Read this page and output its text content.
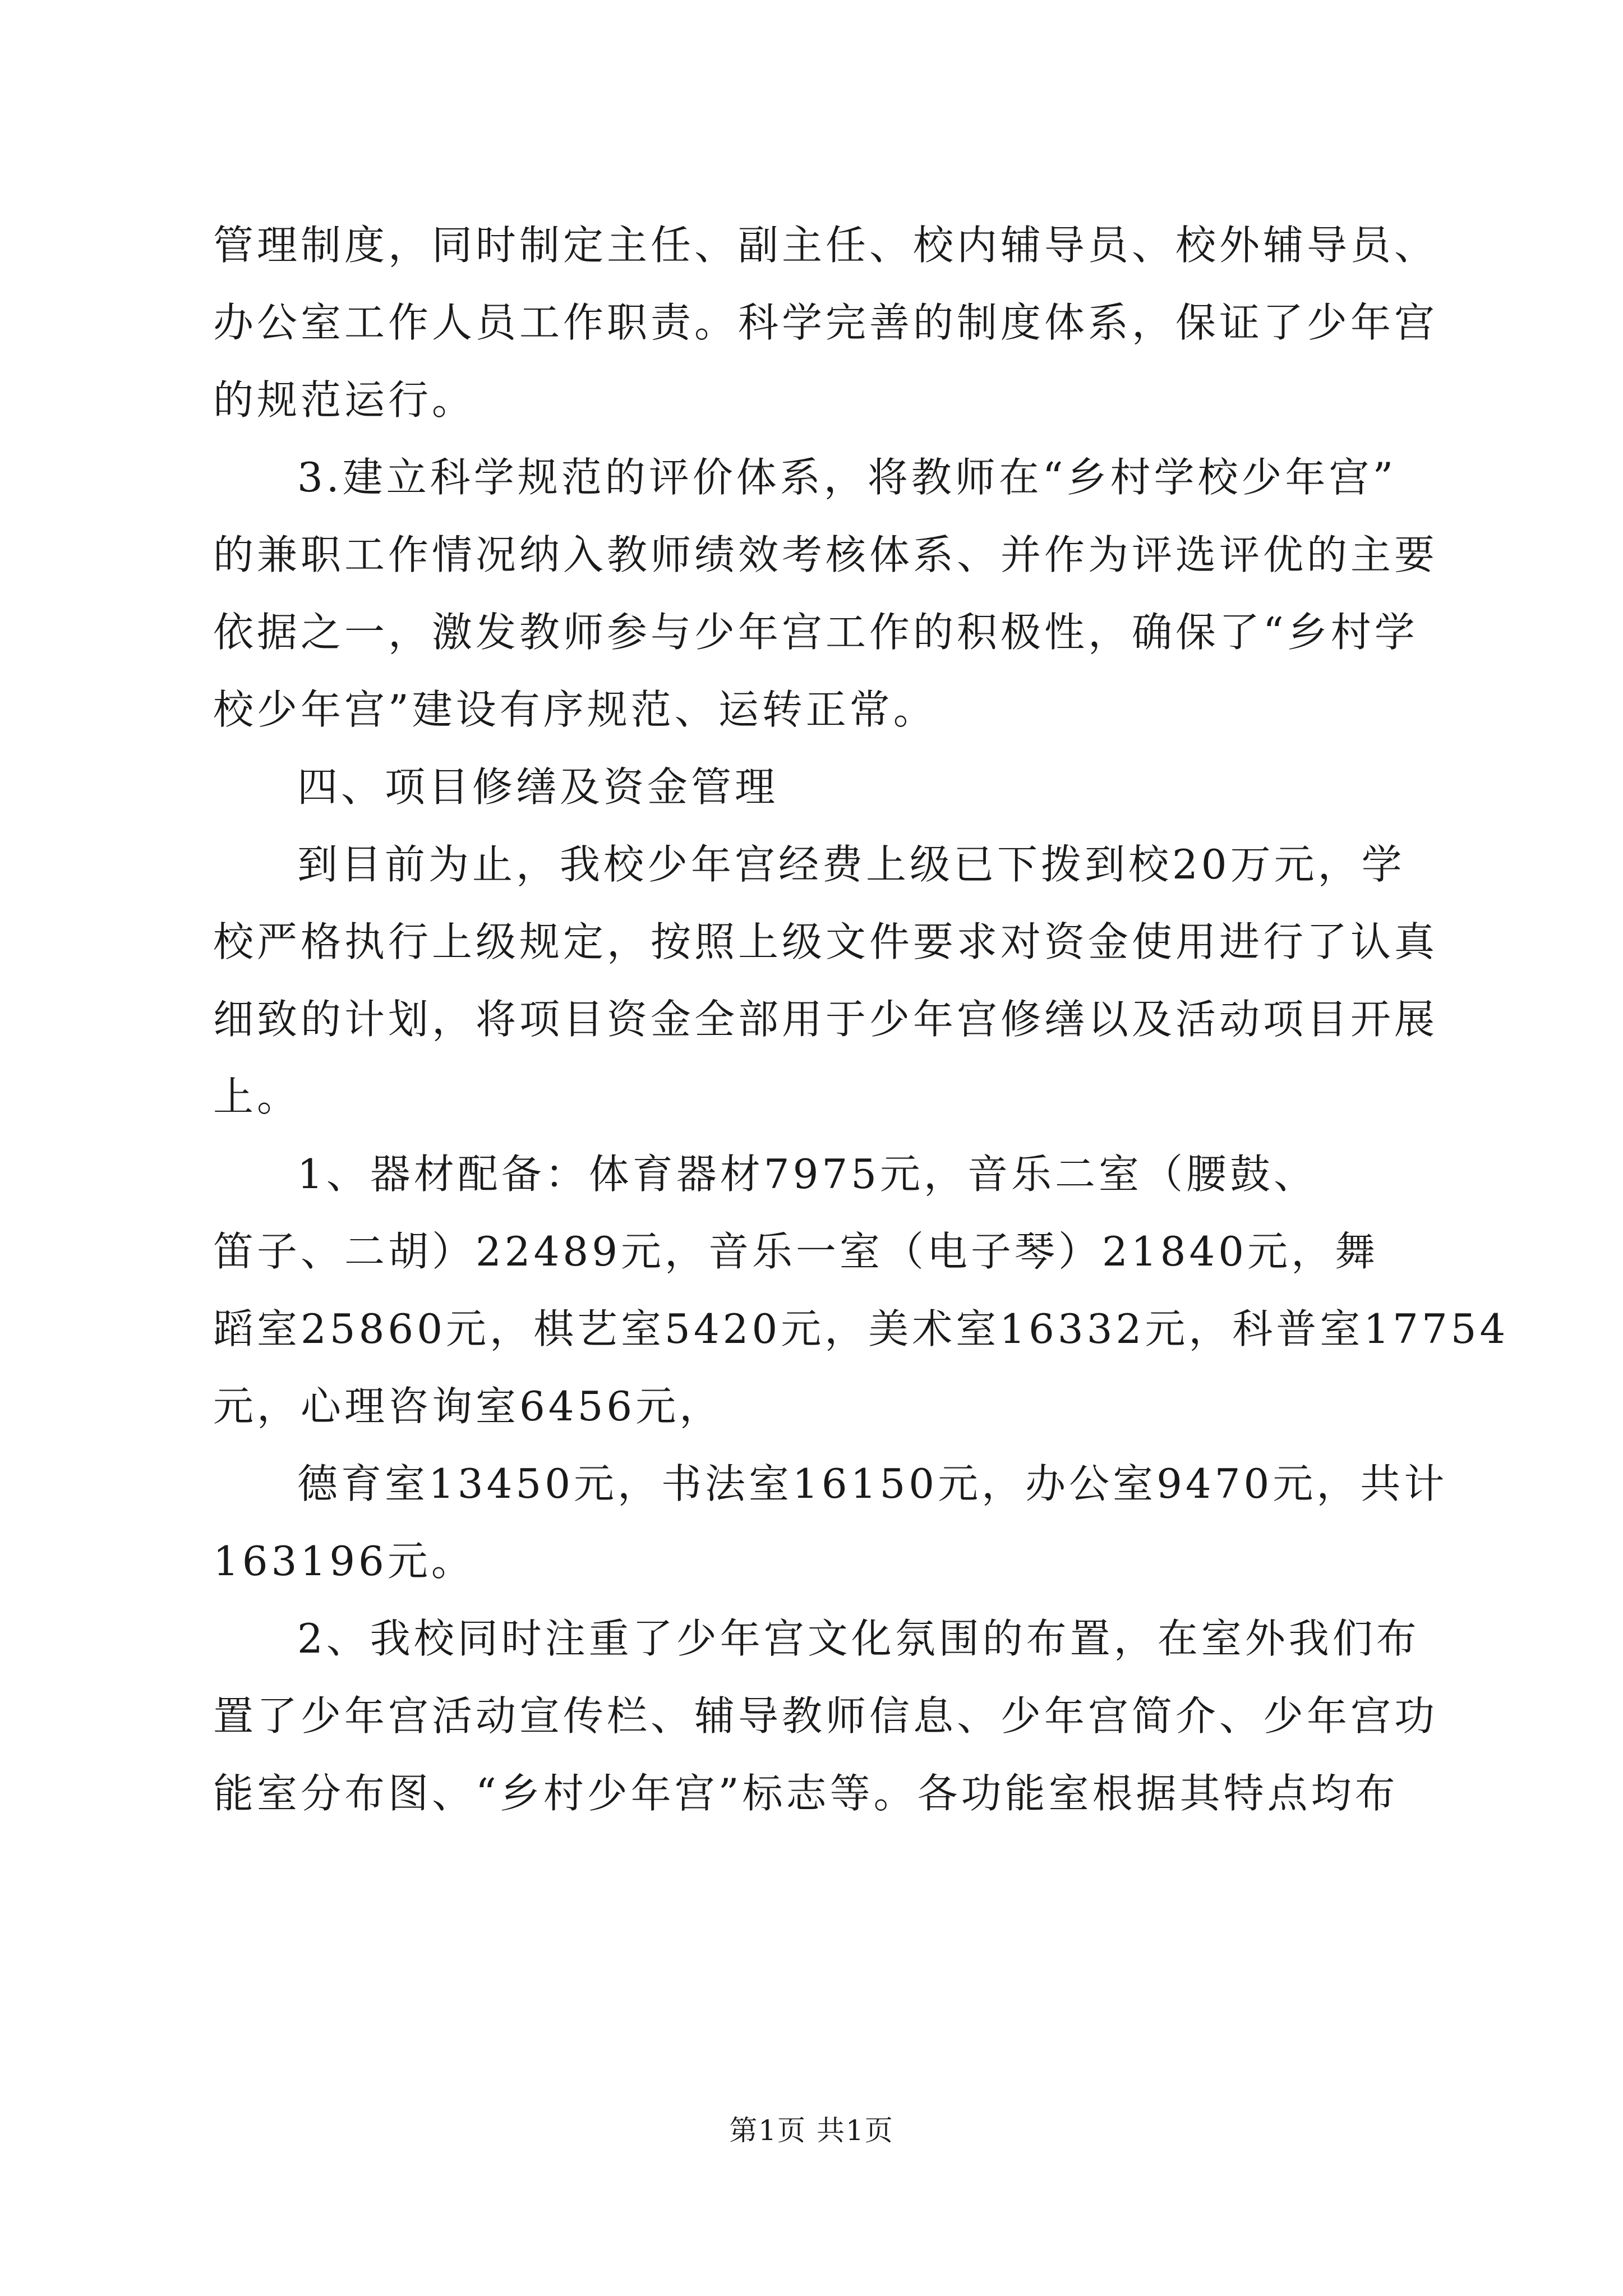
管理制度，同时制定主任、副主任、校内辅导员、校外辅导员、
办公室工作人员工作职责。科学完善的制度体系，保证了少年宫
的规范运行。
3.建立科学规范的评价体系，将教师在“乡村学校少年宫”
的兼职工作情况纳入教师绩效考核体系、并作为评选评优的主要
依据之一，激发教师参与少年宫工作的积极性，确保了“乡村学
校少年宫”建设有序规范、运转正常。
四、项目修缮及资金管理
到目前为止，我校少年宫经费上级已下拨到校20万元，学
校严格执行上级规定，按照上级文件要求对资金使用进行了认真
细致的计划，将项目资金全部用于少年宫修缮以及活动项目开展
上。
1、器材配备：体育器材7975元，音乐二室（腰鼓、
笛子、二胡）22489元，音乐一室（电子琴）21840元，舞
蹈室25860元，棋艺室5420元，美术室16332元，科普室17754
元，心理咨询室6456元，
德育室13450元，书法室16150元，办公室9470元，共计
163196元。
2、我校同时注重了少年宫文化氛围的布置，在室外我们布
置了少年宫活动宣传栏、辅导教师信息、少年宫简介、少年宫功
能室分布图、“乡村少年宫”标志等。各功能室根据其特点均布
第1页 共1页
